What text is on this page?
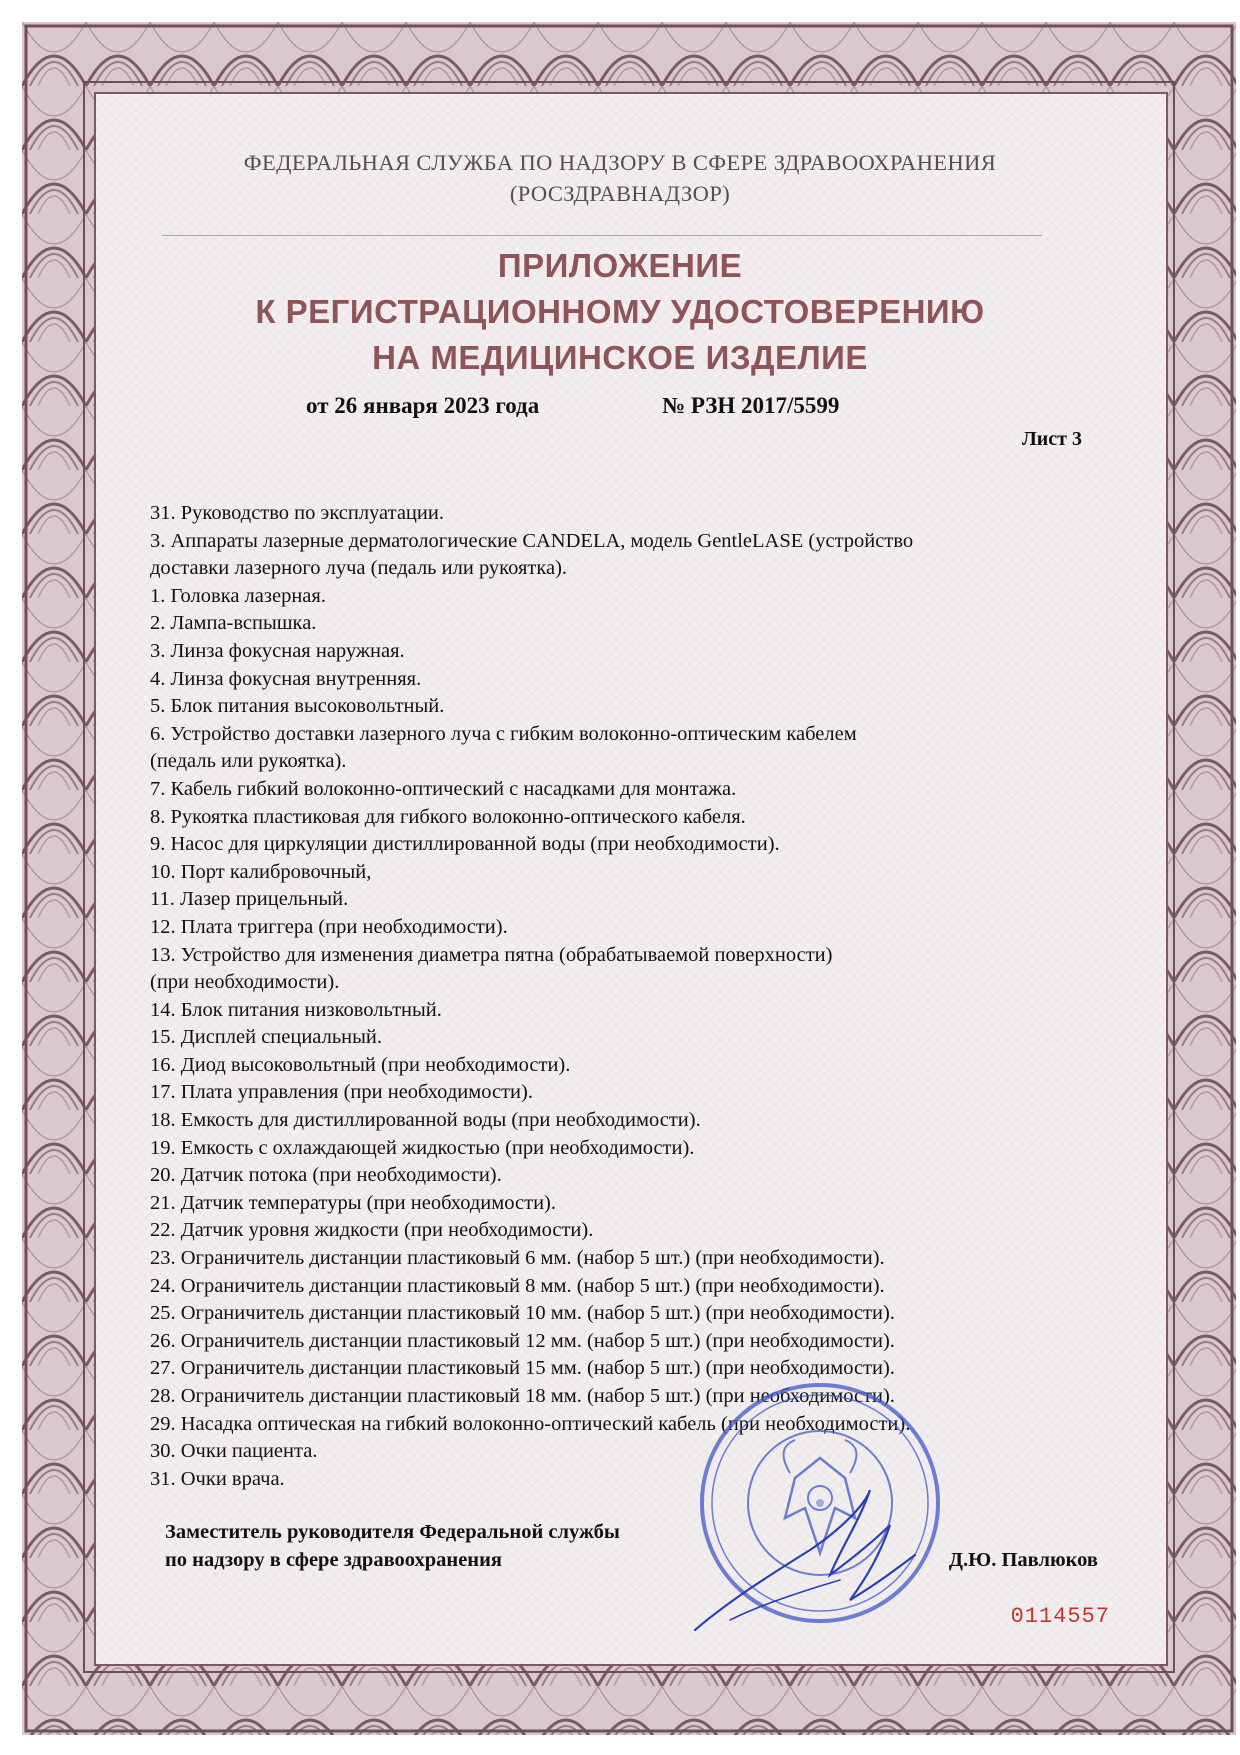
ФЕДЕРАЛЬНАЯ СЛУЖБА ПО НАДЗОРУ В СФЕРЕ ЗДРАВООХРАНЕНИЯ
(РОСЗДРАВНАДЗОР)
ПРИЛОЖЕНИЕ
К РЕГИСТРАЦИОННОМУ УДОСТОВЕРЕНИЮ
НА МЕДИЦИНСКОЕ ИЗДЕЛИЕ
от 26 января 2023 года	№ РЗН 2017/5599
Лист 3
31. Руководство по эксплуатации.
3. Аппараты лазерные дерматологические CANDELA, модель GentleLASE (устройство
доставки лазерного луча (педаль или рукоятка).
1. Головка лазерная.
2. Лампа-вспышка.
3. Линза фокусная наружная.
4. Линза фокусная внутренняя.
5. Блок питания высоковольтный.
6. Устройство доставки лазерного луча с гибким волоконно-оптическим кабелем
(педаль или рукоятка).
7. Кабель гибкий волоконно-оптический с насадками для монтажа.
8. Рукоятка пластиковая для гибкого волоконно-оптического кабеля.
9. Насос для циркуляции дистиллированной воды (при необходимости).
10. Порт калибровочный,
11. Лазер прицельный.
12. Плата триггера (при необходимости).
13. Устройство для изменения диаметра пятна (обрабатываемой поверхности)
(при необходимости).
14. Блок питания низковольтный.
15. Дисплей специальный.
16. Диод высоковольтный (при необходимости).
17. Плата управления (при необходимости).
18. Емкость для дистиллированной воды (при необходимости).
19. Емкость с охлаждающей жидкостью (при необходимости).
20. Датчик потока (при необходимости).
21. Датчик температуры (при необходимости).
22. Датчик уровня жидкости (при необходимости).
23. Ограничитель дистанции пластиковый 6 мм. (набор 5 шт.) (при необходимости).
24. Ограничитель дистанции пластиковый 8 мм. (набор 5 шт.) (при необходимости).
25. Ограничитель дистанции пластиковый 10 мм. (набор 5 шт.) (при необходимости).
26. Ограничитель дистанции пластиковый 12 мм. (набор 5 шт.) (при необходимости).
27. Ограничитель дистанции пластиковый 15 мм. (набор 5 шт.) (при необходимости).
28. Ограничитель дистанции пластиковый 18 мм. (набор 5 шт.) (при необходимости).
29. Насадка оптическая на гибкий волоконно-оптический кабель (при необходимости).
30. Очки пациента.
31. Очки врача.
Заместитель руководителя Федеральной службы
по надзору в сфере здравоохранения	Д.Ю. Павлюков
0114557
